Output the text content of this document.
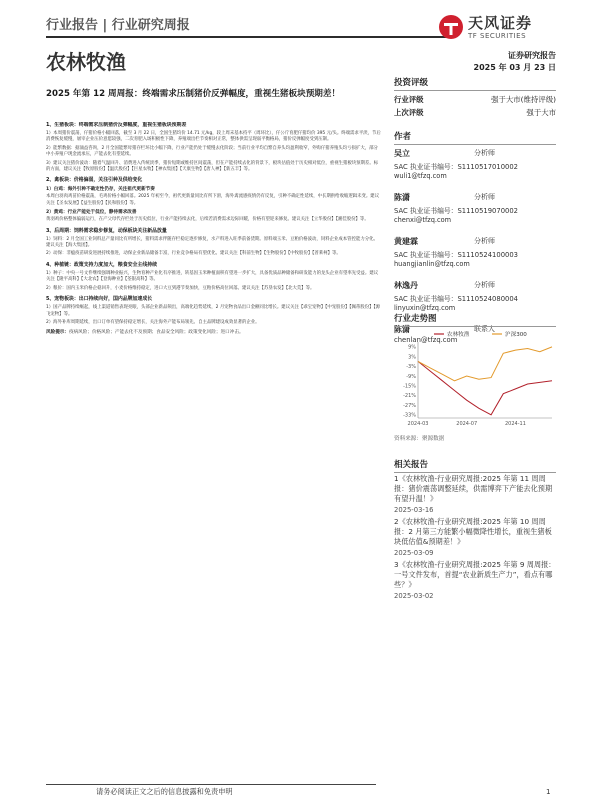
行业报告 | 行业研究周报	天风证券
TF SECURITIES
农林牧渔	证券研究报告
2025 年 03 月 23 日
2025 年第 12 周周报：终端需求压制猪价反弹幅度，重视生猪板块预期差！
1、生猪板块：终端需求压制猪价反弹幅度，重视生猪板块预期差
1）本周猪价震荡，仔猪价格小幅回落，截至 3 月 22 日，全国生猪均价 14.71 元/kg，较上周末基本持平（周环比），仔公斤育肥仔猪均价 395 元/头。终端需求平淡，节后消费恢复缓慢，屠宰企业压价意愿较强，二次育肥入场积极性下降，养殖端出栏节奏相对正常，整体供需呈现弱平衡格局，猪价反弹幅度受到压制。
2）能繁数据：据涌益咨询，2 月全国能繁母猪存栏环比小幅下降，行业产能仍处于缓慢去化阶段；当前行业平均自繁自养头均盈利收窄，外购仔猪养殖头均亏损扩大，部分中小养殖户现金流承压，产能去化有望延续。
3）建议关注猪价波动：随着气温回升、消费进入传统淡季，猪价短期或维持区间震荡，但在产能持续去化的背景下，板块估值处于历史相对低位，重视生猪板块预期差。标的方面，建议关注【牧原股份】【温氏股份】【巨星农牧】【神农集团】【天康生物】【唐人神】【新五丰】等。
2、禽板块：价格偏弱，关注引种及供给变化
1）白鸡：海外引种不确定性仍存，关注祖代更新节奏
本周白羽肉鸡苗价格震荡，毛鸡价格小幅回落。2025 年初至今，祖代更新量同比有所下滑，海外禽流感疫情仍有反复，引种不确定性延续，中长期供给收缩逻辑未变。建议关注【圣农发展】【益生股份】【民和股份】等。
2）黄鸡：行业产能处于低位，静待需求改善
黄羽鸡价格整体偏弱运行，在产父母代存栏处于历史低位，行业产能持续去化，后续若消费需求边际回暖，价格有望迎来修复。建议关注【立华股份】【湘佳股份】等。
3、后周期：饲料需求稳步修复，动保板块关注新品放量
1）饲料：2 月全国工业饲料总产量同比有所增长，猪料需求伴随存栏稳定逐步修复，水产料进入旺季前备货期。原料端玉米、豆粕价格波动，饲料企业成本管控能力分化。建议关注【海大集团】。
2）动保：非瘟疫苗研发进展持续推进，动保企业新品储备丰富，行业竞争格局有望优化。建议关注【科前生物】【生物股份】【中牧股份】【普莱柯】等。
4、种植链：政策支持力度加大，粮食安全主线持续
1）种子：中央一号文件继续强调种业振兴，生物育种产业化有序推进，转基因玉米种植面积有望进一步扩大，具备优质品种储备和研发能力的龙头企业有望率先受益。建议关注【隆平高科】【大北农】【登海种业】【荃银高科】等。
2）粮价：国内玉米价格企稳回升，小麦价格维持稳定，进口大豆到港节奏加快，豆粕价格高位回落。建议关注【苏垦农发】【北大荒】等。
5、宠物板块：出口持续向好，国内品牌加速成长
1）国产品牌持续崛起，线上渠道销售表现亮眼，头部企业新品频出，高端化趋势延续，2 月宠物食品出口金额同比增长。建议关注【乖宝宠物】【中宠股份】【佩蒂股份】【源飞宠物】等。
2）海外补库周期延续，出口订单有望保持稳定增长，关注海外产能布局领先、自主品牌建设成效显著的企业。
风险提示：疫病风险；价格风险；产能去化不及预期；食品安全风险；政策变化风险；进口冲击。
投资评级
行业评级	强于大市(维持评级)
上次评级	强于大市
作者
吴立	分析师
SAC 执业证书编号：S1110517010002
wuli1@tfzq.com
陈潇	分析师
SAC 执业证书编号：S1110519070002
chenxi@tfzq.com
黄建霖	分析师
SAC 执业证书编号：S1110524100003
huangjianlin@tfzq.com
林逸丹	分析师
SAC 执业证书编号：S1110524080004
linyuxin@tfzq.com
陈潇	联系人
chenlan@tfzq.com
行业走势图
9%
3%
-3%
-9%
-15%
-21%
-27%
-33%
2024-03	2024-07	2024-11
农林牧渔	沪深300
资料来源：聚源数据
相关报告
1《农林牧渔-行业研究周报:2025 年第 11 周周报：猪价震荡调整延续，供需博弈下产能去化预期有望升温！》
2025-03-16
2《农林牧渔-行业研究周报:2025 年第 10 周周报：2 月第三方能繁小幅微降性增长，重视生猪板块低估值&预期差！》
2025-03-09
3《农林牧渔-行业研究周报:2025 年第 9 周周报：一号文件发布，首提“农业新质生产力”，看点有哪些？》
2025-03-02
请务必阅读正文之后的信息披露和免责申明	1
